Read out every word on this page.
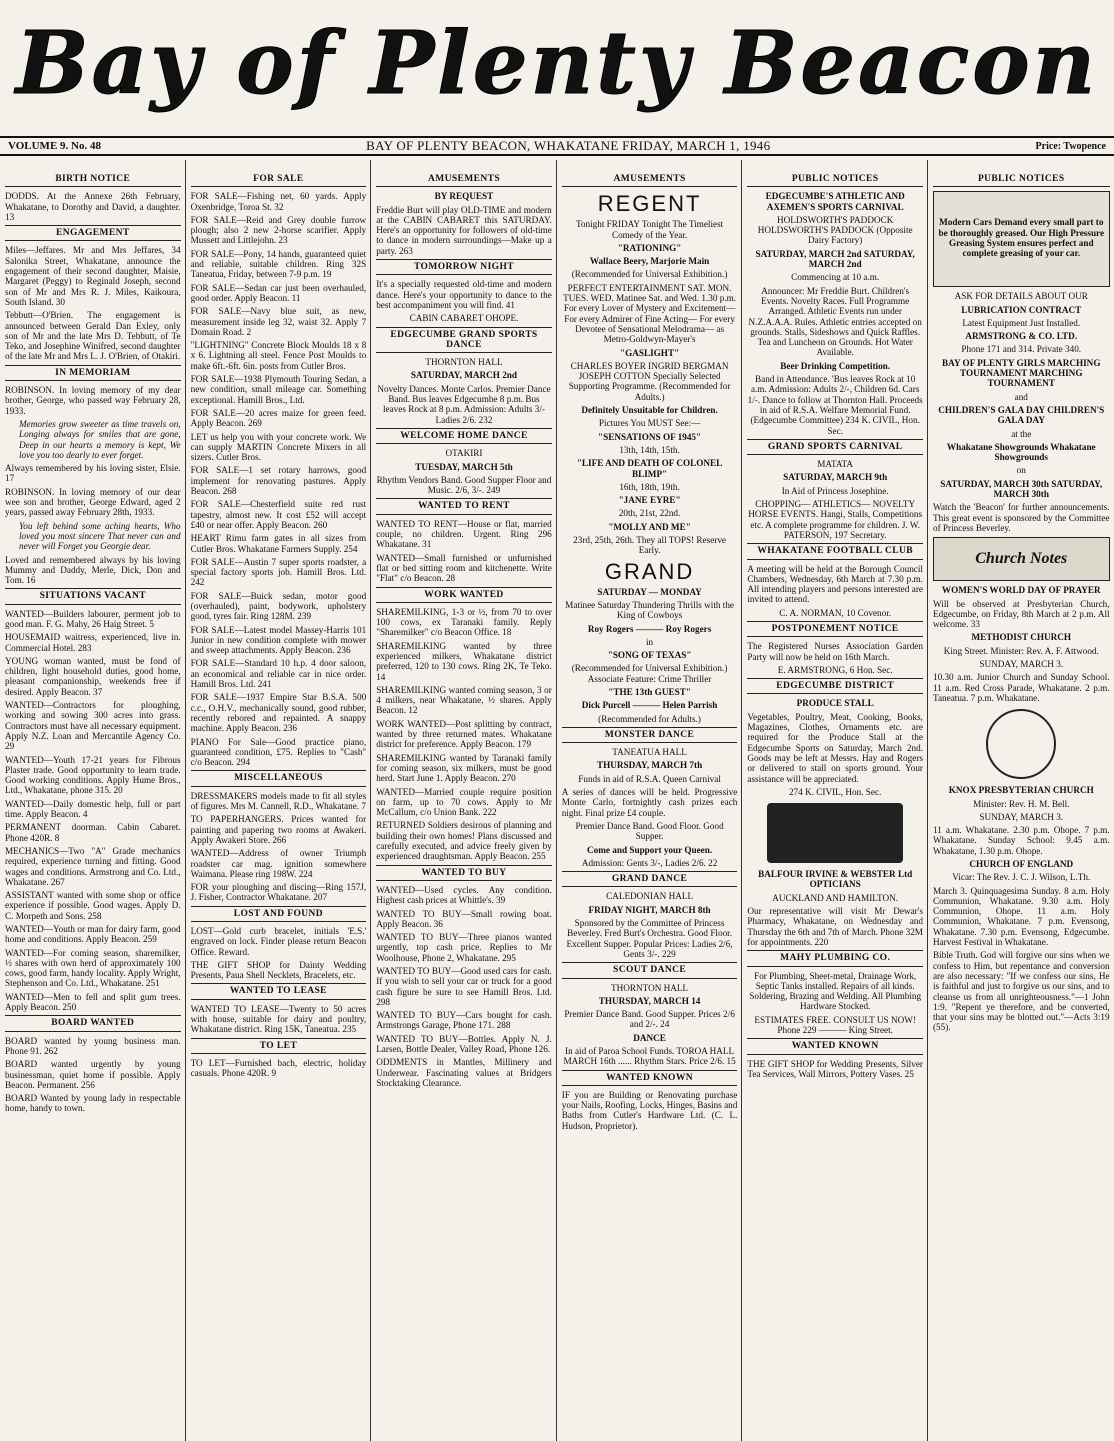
Bay of Plenty Beacon
VOLUME 9. No. 48	BAY OF PLENTY BEACON, WHAKATANE FRIDAY, MARCH 1, 1946	Price: Twopence
BIRTH NOTICE

DODDS. At the Annexe 26th February, Whakatane, to Dorothy and David, a daughter. 13

ENGAGEMENT

Miles—Jeffares. Mr and Mrs Jeffares, 34 Salonika Street, Whakatane, announce the engagement of their second daughter, Maisie, Margaret (Peggy) to Reginald Joseph, second son of Mr and Mrs R. J. Miles, Kaikoura, South Island. 30

Tebbutt—O'Brien. The engagement is announced between Gerald Dan Exley, only son of Mr and the late Mrs D. Tebbutt, of Te Teko, and Josephine Winifred, second daughter of the late Mr and Mrs L. J. O'Brien, of Otakiri.

IN MEMORIAM

ROBINSON. In loving memory of my dear brother, George, who passed way February 28, 1933.

Memories grow sweeter as time travels on, Longing always for smiles that are gone, Deep in our hearts a memory is kept, We love you too dearly to ever forget.

Always remembered by his loving sister, Elsie. 17

ROBINSON. In loving memory of our dear wee son and brother, George Edward, aged 2 years, passed away February 28th, 1933.

You left behind some aching hearts, Who loved you most sincere That never can and never will Forget you Georgie dear.

Loved and remembered always by his loving Mummy and Daddy, Merle, Dick, Don and Tom. 16

SITUATIONS VACANT

WANTED—Builders labourer, perment job to good man. F. G. Mahy, 26 Haig Street. 5

HOUSEMAID waitress, experienced, live in. Commercial Hotel. 283

YOUNG woman wanted, must be fond of children, light household duties, good home, pleasant companionship, weekends free if desired. Apply Beacon. 37

WANTED—Contractors for ploughing, working and sowing 300 acres into grass. Contractors must have all necessary equipment. Apply N.Z. Loan and Mercantile Agency Co. 29

WANTED—Youth 17-21 years for Fibrous Plaster trade. Good opportunity to learn trade. Good working conditions. Apply Hume Bros., Ltd., Whakatane, phone 315. 20

WANTED—Daily domestic help, full or part time. Apply Beacon. 4

PERMANENT doorman. Cabin Cabaret. Phone 420R. 8

MECHANICS—Two "A" Grade mechanics required, experience turning and fitting. Good wages and conditions. Armstrong and Co. Ltd., Whakatane. 267

ASSISTANT wanted with some shop or office experience if possible. Good wages. Apply D. C. Morpeth and Sons. 258

WANTED—Youth or man for dairy farm, good home and conditions. Apply Beacon. 259

WANTED—For coming season, sharemilker, ½ shares with own herd of approximately 100 cows, good farm, handy locality. Apply Wright, Stephenson and Co. Ltd., Whakatane. 251

WANTED—Men to fell and split gum trees. Apply Beacon. 250

BOARD WANTED

BOARD wanted by young business man. Phone 91. 262

BOARD wanted urgently by young businessman, quiet home if possible. Apply Beacon. Permanent. 256

BOARD Wanted by young lady in respectable home, handy to town.

FOR SALE

FOR SALE—Fishing net, 60 yards. Apply Oxenbridge, Toroa St. 32

FOR SALE—Reid and Grey double furrow plough; also 2 new 2-horse scarifier. Apply Mussett and Littlejohn. 23

FOR SALE—Pony, 14 hands, guaranteed quiet and reliable, suitable children. Ring 32S Taneatua, Friday, between 7-9 p.m. 19

FOR SALE—Sedan car just been overhauled, good order. Apply Beacon. 11

FOR SALE—Navy blue suit, as new, measurement inside leg 32, waist 32. Apply 7 Domain Road. 2

"LIGHTNING" Concrete Block Moulds 18 x 8 x 6. Lightning all steel. Fence Post Moulds to make 6ft.-6ft. 6in. posts from Cutler Bros.

FOR SALE—1938 Plymouth Touring Sedan, a new condition, small mileage car. Something exceptional. Hamill Bros., Ltd.

FOR SALE—20 acres maize for green feed. Apply Beacon. 269

LET us help you with your concrete work. We can supply MARTIN Concrete Mixers in all sizers. Cutler Bros.

FOR SALE—1 set rotary harrows, good implement for renovating pastures. Apply Beacon. 268

FOR SALE—Chesterfield suite red rust tapestry, almost new. It cost £52 will accept £40 or near offer. Apply Beacon. 260

HEART Rimu farm gates in all sizes from Cutler Bros. Whakatane Farmers Supply. 254

FOR SALE—Austin 7 super sports roadster, a special factory sports job. Hamill Bros. Ltd. 242

FOR SALE—Buick sedan, motor good (overhauled), paint, bodywork, upholstery good, tyres fair. Ring 128M. 239

FOR SALE—Latest model Massey-Harris 101 Junior in new condition complete with mower and sweep attachments. Apply Beacon. 236

FOR SALE—Standard 10 h.p. 4 door saloon, an economical and reliable car in nice order. Hamill Bros. Ltd. 241

FOR SALE—1937 Empire Star B.S.A. 500 c.c., O.H.V., mechanically sound, good rubber, recently rebored and repainted. A snappy machine. Apply Beacon. 236

PIANO For Sale—Good practice piano, guaranteed condition, £75. Replies to "Cash" c/o Beacon. 294

MISCELLANEOUS

DRESSMAKERS models made to fit all styles of figures. Mrs M. Cannell, R.D., Whakatane. 7

TO PAPERHANGERS. Prices wanted for painting and papering two rooms at Awakeri. Apply Awakeri Store. 266

WANTED—Address of owner Triumph roadster car mag. ignition somewhere Waimana. Please ring 198W. 224

FOR your ploughing and discing—Ring 157J, J. Fisher, Contractor Whakatane. 207

LOST AND FOUND

LOST—Gold curb bracelet, initials 'E.S.' engraved on lock. Finder please return Beacon Office. Reward.

THE GIFT SHOP for Dainty Wedding Presents, Paua Shell Necklets, Bracelets, etc.

WANTED TO LEASE

WANTED TO LEASE—Twenty to 50 acres with house, suitable for dairy and poultry, Whakatane district. Ring 15K, Taneatua. 235

TO LET

TO LET—Furnished bach, electric, holiday casuals. Phone 420R. 9

AMUSEMENTS

BY REQUEST

Freddie Burt will play OLD-TIME and modern at the CABIN CABARET this SATURDAY. Here's an opportunity for followers of old-time to dance in modern surroundings—Make up a party. 263

TOMORROW NIGHT

It's a specially requested old-time and modern dance. Here's your opportunity to dance to the best accompaniment you will find. 41

CABIN CABARET OHOPE.

EDGECUMBE GRAND SPORTS DANCE

THORNTON HALL

SATURDAY, MARCH 2nd

Novelty Dances. Monte Carlos. Premier Dance Band. Bus leaves Edgecumbe 8 p.m. Bus leaves Rock at 8 p.m. Admission: Adults 3/- Ladies 2/6. 232

WELCOME HOME DANCE

OTAKIRI

TUESDAY, MARCH 5th

Rhythm Vendors Band. Good Supper Floor and Music. 2/6, 3/-. 249

WANTED TO RENT

WANTED TO RENT—House or flat, married couple, no children. Urgent. Ring 296 Whakatane. 31

WANTED—Small furnished or unfurnished flat or bed sitting room and kitchenette. Write "Flat" c/o Beacon. 28

WORK WANTED

SHAREMILKING, 1-3 or ½, from 70 to over 100 cows, ex Taranaki family. Reply "Sharemilker" c/o Beacon Office. 18

SHAREMILKING wanted by three experienced milkers, Whakatane district preferred, 120 to 130 cows. Ring 2K, Te Teko. 14

SHAREMILKING wanted coming season, 3 or 4 milkers, near Whakatane, ½ shares. Apply Beacon. 12

WORK WANTED—Post splitting by contract, wanted by three returned mates. Whakatane district for preference. Apply Beacon. 179

SHAREMILKING wanted by Taranaki family for coming season, six milkers, must be good herd. Start June 1. Apply Beacon. 270

WANTED—Married couple require position on farm, up to 70 cows. Apply to Mr McCallum, c/o Union Bank. 222

RETURNED Soldiers desirous of planning and building their own homes! Plans discussed and carefully executed, and advice freely given by experienced draughtsman. Apply Beacon. 255

WANTED TO BUY

WANTED—Used cycles. Any condition. Highest cash prices at Whittle's. 39

WANTED TO BUY—Small rowing boat. Apply Beacon. 36

WANTED TO BUY—Three pianos wanted urgently, top cash price. Replies to Mr Woolhouse, Phone 2, Whakatane. 295

WANTED TO BUY—Good used cars for cash. If you wish to sell your car or truck for a good cash figure be sure to see Hamill Bros. Ltd. 298

WANTED TO BUY—Cars bought for cash. Armstrongs Garage, Phone 171. 288

WANTED TO BUY—Bottles. Apply N. J. Larsen, Bottle Dealer, Valley Road, Phone 126.

ODDMENTS in Mantles, Millinery and Underwear. Fascinating values at Bridgers Stocktaking Clearance.

AMUSEMENTS
REGENT

Tonight FRIDAY Tonight The Timeliest Comedy of the Year.

"RATIONING"

Wallace Beery, Marjorie Main

(Recommended for Universal Exhibition.)

PERFECT ENTERTAINMENT SAT. MON. TUES. WED. Matinee Sat. and Wed. 1.30 p.m. For every Lover of Mystery and Excitement— For every Admirer of Fine Acting— For every Devotee of Sensational Melodrama— as Metro-Goldwyn-Mayer's

"GASLIGHT"

CHARLES BOYER INGRID BERGMAN JOSEPH COTTON Specially Selected Supporting Programme. (Recommended for Adults.)

Definitely Unsuitable for Children.

Pictures You MUST See:—

"SENSATIONS OF 1945"

13th, 14th, 15th.

"LIFE AND DEATH OF COLONEL BLIMP"

16th, 18th, 19th.

"JANE EYRE"

20th, 21st, 22nd.

"MOLLY AND ME"

23rd, 25th, 26th. They all TOPS! Reserve Early.

GRAND

SATURDAY — MONDAY

Matinee Saturday Thundering Thrills with the King of Cowboys

Roy Rogers ——— Roy Rogers

in

"SONG OF TEXAS"

(Recommended for Universal Exhibition.) Associate Feature: Crime Thriller

"THE 13th GUEST"

Dick Purcell ——— Helen Parrish

(Recommended for Adults.)

MONSTER DANCE

TANEATUA HALL

THURSDAY, MARCH 7th

Funds in aid of R.S.A. Queen Carnival

A series of dances will be held. Progressive Monte Carlo, fortnightly cash prizes each night. Final prize £4 couple.

Premier Dance Band. Good Floor. Good Supper.

Come and Support your Queen.

Admission: Gents 3/-, Ladies 2/6. 22

GRAND DANCE

CALEDONIAN HALL

FRIDAY NIGHT, MARCH 8th

Sponsored by the Committee of Princess Beverley. Fred Burt's Orchestra. Good Floor. Excellent Supper. Popular Prices: Ladies 2/6, Gents 3/-. 229

SCOUT DANCE

THORNTON HALL

THURSDAY, MARCH 14

Premier Dance Band. Good Supper. Prices 2/6 and 2/-. 24

DANCE

In aid of Paroa School Funds. TOROA HALL MARCH 16th ...... Rhythm Stars. Price 2/6. 15

WANTED KNOWN

IF you are Building or Renovating purchase your Nails, Roofing, Locks, Hinges, Basins and Baths from Cutler's Hardware Ltd. (C. L. Hudson, Proprietor).

PUBLIC NOTICES

EDGECUMBE'S ATHLETIC AND AXEMEN'S SPORTS CARNIVAL

HOLDSWORTH'S PADDOCK HOLDSWORTH'S PADDOCK (Opposite Dairy Factory)

SATURDAY, MARCH 2nd SATURDAY, MARCH 2nd

Commencing at 10 a.m.

Announcer: Mr Freddie Burt. Children's Events. Novelty Races. Full Programme Arranged. Athletic Events run under N.Z.A.A.A. Rules. Athletic entries accepted on grounds. Stalls, Sideshows and Quick Raffles. Tea and Luncheon on Grounds. Hot Water Available.

Beer Drinking Competition.

Band in Attendance. 'Bus leaves Rock at 10 a.m. Admission: Adults 2/-, Children 6d. Cars 1/-. Dance to follow at Thornton Hall. Proceeds in aid of R.S.A. Welfare Memorial Fund. (Edgecumbe Committee) 234 K. CIVIL, Hon. Sec.

GRAND SPORTS CARNIVAL

MATATA

SATURDAY, MARCH 9th

In Aid of Princess Josephine.

CHOPPING— ATHLETICS— NOVELTY HORSE EVENTS. Hangi, Stalls, Competitions etc. A complete programme for children. J. W. PATERSON, 197 Secretary.

WHAKATANE FOOTBALL CLUB

A meeting will be held at the Borough Council Chambers, Wednesday, 6th March at 7.30 p.m. All intending players and persons interested are invited to attend.

C. A. NORMAN, 10 Covenor.

POSTPONEMENT NOTICE

The Registered Nurses Association Garden Party will now be held on 16th March.

E. ARMSTRONG, 6 Hon. Sec.

EDGECUMBE DISTRICT

PRODUCE STALL

Vegetables, Poultry, Meat, Cooking, Books, Magazines, Clothes, Ornaments etc. are required for the Produce Stall at the Edgecumbe Sports on Saturday, March 2nd. Goods may be left at Messrs. Hay and Rogers or delivered to stall on sports ground. Your assistance will be appreciated.

274 K. CIVIL, Hon. Sec.

BALFOUR IRVINE & WEBSTER Ltd OPTICIANS

AUCKLAND AND HAMILTON.

Our representative will visit Mr Dewar's Pharmacy, Whakatane, on Wednesday and Thursday the 6th and 7th of March. Phone 32M for appointments. 220

MAHY PLUMBING CO.

For Plumbing, Sheet-metal, Drainage Work, Septic Tanks installed. Repairs of all kinds. Soldering, Brazing and Welding. All Plumbing Hardware Stocked.

ESTIMATES FREE. CONSULT US NOW! Phone 229 ——— King Street.

WANTED KNOWN

THE GIFT SHOP for Wedding Presents, Silver Tea Services, Wall Mirrors, Pottery Vases. 25

PUBLIC NOTICES

Modern Cars Demand every small part to be thoroughly greased. Our High Pressure Greasing System ensures perfect and complete greasing of your car.

ASK FOR DETAILS ABOUT OUR

LUBRICATION CONTRACT

Latest Equipment Just Installed.

ARMSTRONG & CO. LTD.

Phone 171 and 314. Private 340.

BAY OF PLENTY GIRLS MARCHING TOURNAMENT MARCHING TOURNAMENT

and

CHILDREN'S GALA DAY CHILDREN'S GALA DAY

at the

Whakatane Showgrounds Whakatane Showgrounds

on

SATURDAY, MARCH 30th SATURDAY, MARCH 30th

Watch the 'Beacon' for further announcements. This great event is sponsored by the Committee of Princess Beverley.

Church Notes

WOMEN'S WORLD DAY OF PRAYER

Will be observed at Presbyterian Church, Edgecumbe, on Friday, 8th March at 2 p.m. All welcome. 33

METHODIST CHURCH

King Street. Minister: Rev. A. F. Attwood.

SUNDAY, MARCH 3.

10.30 a.m. Junior Church and Sunday School. 11 a.m. Red Cross Parade, Whakatane. 2 p.m. Taneatua. 7 p.m. Whakatane.

KNOX PRESBYTERIAN CHURCH

Minister: Rev. H. M. Bell.

SUNDAY, MARCH 3.

11 a.m. Whakatane. 2.30 p.m. Ohope. 7 p.m. Whakatane. Sunday School: 9.45 a.m. Whakatane, 1.30 p.m. Ohope.

CHURCH OF ENGLAND

Vicar: The Rev. J. C. J. Wilson, L.Th.

March 3. Quinquagesima Sunday. 8 a.m. Holy Communion, Whakatane. 9.30 a.m. Holy Communion, Ohope. 11 a.m. Holy Communion, Whakatane. 7 p.m. Evensong, Whakatane. 7.30 p.m. Evensong, Edgecumbe. Harvest Festival in Whakatane.

Bible Truth. God will forgive our sins when we confess to Him, but repentance and conversion are also necessary: "If we confess our sins, He is faithful and just to forgive us our sins, and to cleanse us from all unrighteousness."—1 John 1:9. "Repent ye therefore, and be converted, that your sins may be blotted out."—Acts 3:19 (55).
